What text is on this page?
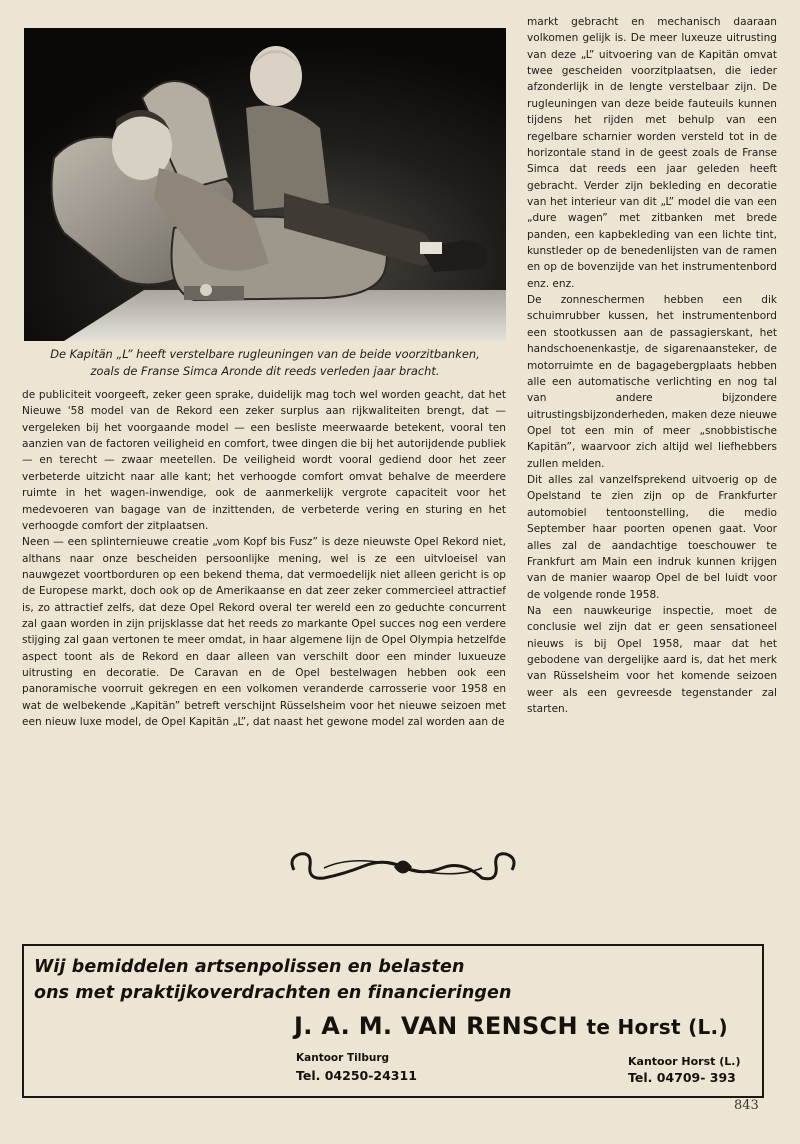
De Kapitän „L” heeft verstelbare rugleuningen van de beide voorzitbanken,
zoals de Franse Simca Aronde dit reeds verleden jaar bracht.

de publiciteit voorgeeft, zeker geen sprake, duidelijk mag toch wel worden geacht, dat het Nieuwe '58 model van de Rekord een zeker surplus aan rijkwaliteiten brengt, dat — vergeleken bij het voorgaande model — een besliste meerwaarde betekent, vooral ten aanzien van de factoren veiligheid en comfort, twee dingen die bij het autorijdende publiek — en terecht — zwaar meetellen. De veiligheid wordt vooral gediend door het zeer verbeterde uitzicht naar alle kant; het verhoogde comfort omvat behalve de meerdere ruimte in het wagen-inwendige, ook de aanmerkelijk vergrote capaciteit voor het medevoeren van bagage van de inzittenden, de verbeterde vering en sturing en het verhoogde comfort der zitplaatsen.

Neen — een splinternieuwe creatie „vom Kopf bis Fusz” is deze nieuwste Opel Rekord niet, althans naar onze bescheiden persoonlijke mening, wel is ze een uitvloeisel van nauwgezet voortborduren op een bekend thema, dat vermoedelijk niet alleen gericht is op de Europese markt, doch ook op de Amerikaanse en dat zeer zeker commercieel attractief is, zo attractief zelfs, dat deze Opel Rekord overal ter wereld een zo geduchte concurrent zal gaan worden in zijn prijsklasse dat het reeds zo markante Opel succes nog een verdere stijging zal gaan vertonen te meer omdat, in haar algemene lijn de Opel Olympia hetzelfde aspect toont als de Rekord en daar alleen van verschilt door een minder luxueuze uitrusting en decoratie. De Caravan en de Opel bestelwagen hebben ook een panoramische voorruit gekregen en een volkomen veranderde carrosserie voor 1958 en wat de welbekende „Kapitän” betreft verschijnt Rüsselsheim voor het nieuwe seizoen met een nieuw luxe model, de Opel Kapitän „L”, dat naast het gewone model zal worden aan de

markt gebracht en mechanisch daaraan volkomen gelijk is. De meer luxeuze uitrusting van deze „L” uitvoering van de Kapitän omvat twee gescheiden voorzitplaatsen, die ieder afzonderlijk in de lengte verstelbaar zijn. De rugleuningen van deze beide fauteuils kunnen tijdens het rijden met behulp van een regelbare scharnier worden versteld tot in de horizontale stand in de geest zoals de Franse Simca dat reeds een jaar geleden heeft gebracht. Verder zijn bekleding en decoratie van het interieur van dit „L” model die van een „dure wagen” met zitbanken met brede panden, een kapbekleding van een lichte tint, kunstleder op de benedenlijsten van de ramen en op de bovenzijde van het instrumentenbord enz. enz.

De zonneschermen hebben een dik schuimrubber kussen, het instrumentenbord een stootkussen aan de passagierskant, het handschoenenkastje, de sigarenaansteker, de motorruimte en de bagagebergplaats hebben alle een automatische verlichting en nog tal van andere bijzondere uitrustingsbijzonderheden, maken deze nieuwe Opel tot een min of meer „snobbistische Kapitän”, waarvoor zich altijd wel liefhebbers zullen melden.

Dit alles zal vanzelfsprekend uitvoerig op de Opelstand te zien zijn op de Frankfurter automobiel tentoonstelling, die medio September haar poorten openen gaat. Voor alles zal de aandachtige toeschouwer te Frankfurt am Main een indruk kunnen krijgen van de manier waarop Opel de bel luidt voor de volgende ronde 1958.

Na een nauwkeurige inspectie, moet de conclusie wel zijn dat er geen sensationeel nieuws is bij Opel 1958, maar dat het gebodene van dergelijke aard is, dat het merk van Rüsselsheim voor het komende seizoen weer als een gevreesde tegenstander zal starten.

Wij bemiddelen artsenpolissen en belasten
ons met praktijkoverdrachten en financieringen
J. A. M. VAN RENSCH te Horst (L.)
Kantoor Tilburg
Tel. 04250-24311
Kantoor Horst (L.)
Tel. 04709- 393
843
